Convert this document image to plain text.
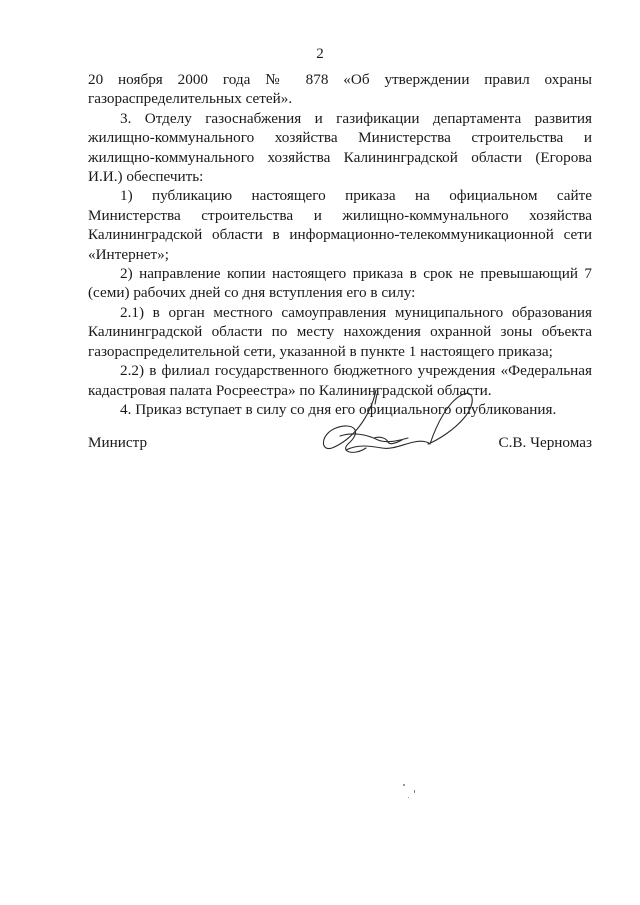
2

20 ноября 2000 года № 878 «Об утверждении правил охраны газораспределительных сетей».

3. Отделу газоснабжения и газификации департамента развития жилищно-коммунального хозяйства Министерства строительства и жилищно-коммунального хозяйства Калининградской области (Егорова И.И.) обеспечить:

1) публикацию настоящего приказа на официальном сайте Министерства строительства и жилищно-коммунального хозяйства Калининградской области в информационно-телекоммуникационной сети «Интернет»;

2) направление копии настоящего приказа в срок не превышающий 7 (семи) рабочих дней со дня вступления его в силу:

2.1) в орган местного самоуправления муниципального образования Калининградской области по месту нахождения охранной зоны объекта газораспределительной сети, указанной в пункте 1 настоящего приказа;

2.2) в филиал государственного бюджетного учреждения «Федеральная кадастровая палата Росреестра» по Калининградской области.

4. Приказ вступает в силу со дня его официального опубликования.

Министр	С.В. Черномаз
